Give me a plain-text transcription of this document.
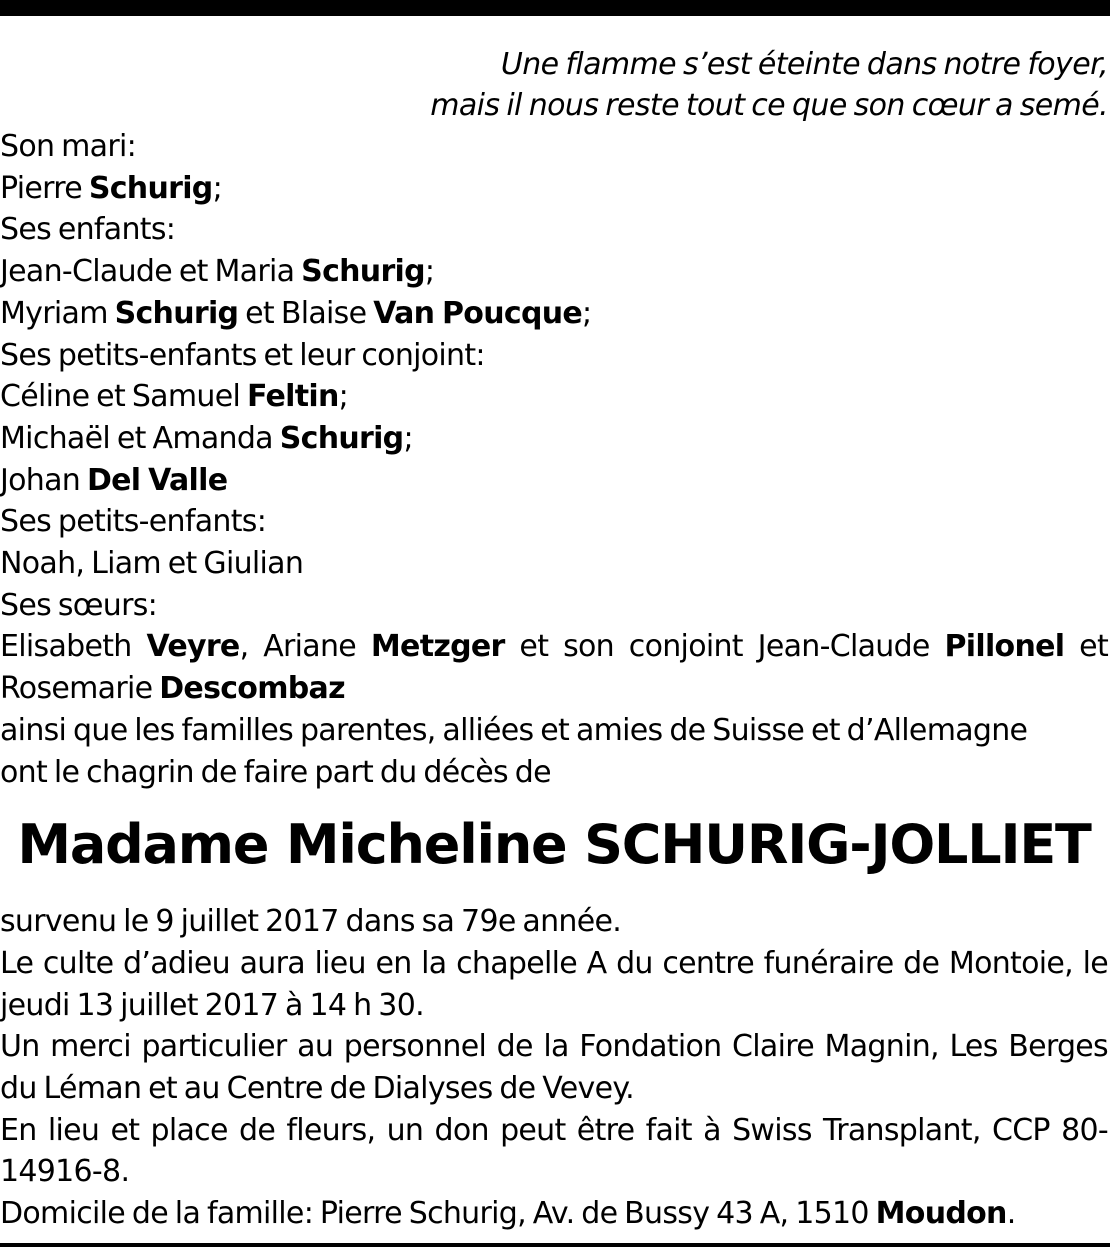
Une flamme s’est éteinte dans notre foyer,
mais il nous reste tout ce que son cœur a semé.
Son mari:
Pierre Schurig;
Ses enfants:
Jean-Claude et Maria Schurig;
Myriam Schurig et Blaise Van Poucque;
Ses petits-enfants et leur conjoint:
Céline et Samuel Feltin;
Michaël et Amanda Schurig;
Johan Del Valle
Ses petits-enfants:
Noah, Liam et Giulian
Ses sœurs:
Elisabeth Veyre, Ariane Metzger et son conjoint Jean-Claude Pillonel et
Rosemarie Descombaz
ainsi que les familles parentes, alliées et amies de Suisse et d’Allemagne
ont le chagrin de faire part du décès de
Madame Micheline SCHURIG-JOLLIET
survenu le 9 juillet 2017 dans sa 79e année.
Le culte d’adieu aura lieu en la chapelle A du centre funéraire de Montoie, le jeudi 13 juillet 2017 à 14 h 30.
Un merci particulier au personnel de la Fondation Claire Magnin, Les Berges du Léman et au Centre de Dialyses de Vevey.
En lieu et place de fleurs, un don peut être fait à Swiss Transplant, CCP 80-14916-8.
Domicile de la famille: Pierre Schurig, Av. de Bussy 43 A, 1510 Moudon.
